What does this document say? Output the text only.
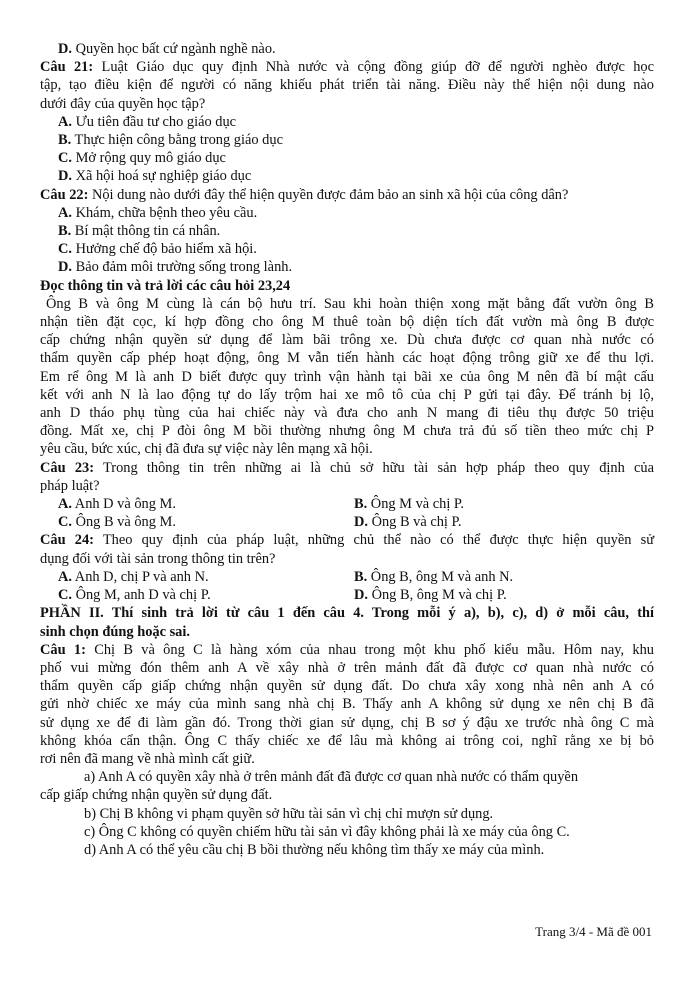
D. Quyền học bất cứ ngành nghề nào.
Câu 21: Luật Giáo dục quy định Nhà nước và cộng đồng giúp đỡ để người nghèo được học
tập, tạo điều kiện để người có năng khiếu phát triển tài năng. Điều này thể hiện nội dung nào
dưới đây của quyền học tập?
A. Ưu tiên đầu tư cho giáo dục
B. Thực hiện công bằng trong giáo dục
C. Mở rộng quy mô giáo dục
D. Xã hội hoá sự nghiệp giáo dục
Câu 22: Nội dung nào dưới đây thể hiện quyền được đảm bảo an sinh xã hội của công dân?
A. Khám, chữa bệnh theo yêu cầu.
B. Bí mật thông tin cá nhân.
C. Hưởng chế độ bảo hiểm xã hội.
D. Bảo đảm môi trường sống trong lành.
Đọc thông tin và trả lời các câu hỏi 23,24
Ông B và ông M cùng là cán bộ hưu trí. Sau khi hoàn thiện xong mặt bằng đất vườn ông B
nhận tiền đặt cọc, kí hợp đồng cho ông M thuê toàn bộ diện tích đất vườn mà ông B được
cấp chứng nhận quyền sử dụng để làm bãi trông xe. Dù chưa được cơ quan nhà nước có
thẩm quyền cấp phép hoạt động, ông M vẫn tiến hành các hoạt động trông giữ xe để thu lợi.
Em rể ông M là anh D biết được quy trình vận hành tại bãi xe của ông M nên đã bí mật cấu
kết với anh N là lao động tự do lấy trộm hai xe mô tô của chị P gửi tại đây. Để tránh bị lộ,
anh D tháo phụ tùng của hai chiếc này và đưa cho anh N mang đi tiêu thụ được 50 triệu
đồng. Mất xe, chị P đòi ông M bồi thường nhưng ông M chưa trả đủ số tiền theo mức chị P
yêu cầu, bức xúc, chị đã đưa sự việc này lên mạng xã hội.
Câu 23: Trong thông tin trên những ai là chủ sở hữu tài sản hợp pháp theo quy định của
pháp luật?
A. Anh D và ông M.	B. Ông M và chị P.
C. Ông B và ông M.	D. Ông B và chị P.
Câu 24: Theo quy định của pháp luật, những chủ thể nào có thể được thực hiện quyền sử
dụng đối với tài sản trong thông tin trên?
A. Anh D, chị P và anh N.	B. Ông B, ông M và anh N.
C. Ông M, anh D và chị P.	D. Ông B, ông M và chị P.
PHẦN II. Thí sinh trả lời từ câu 1 đến câu 4. Trong mỗi ý a), b), c), d) ở mỗi câu, thí
sinh chọn đúng hoặc sai.
Câu 1: Chị B và ông C là hàng xóm của nhau trong một khu phố kiểu mẫu. Hôm nay, khu
phố vui mừng đón thêm anh A về xây nhà ở trên mảnh đất đã được cơ quan nhà nước có
thẩm quyền cấp giấp chứng nhận quyền sử dụng đất. Do chưa xây xong nhà nên anh A có
gửi nhờ chiếc xe máy của mình sang nhà chị B. Thấy anh A không sử dụng xe nên chị B đã
sử dụng xe để đi làm gần đó. Trong thời gian sử dụng, chị B sơ ý đậu xe trước nhà ông C mà
không khóa cẩn thận. Ông C thấy chiếc xe để lâu mà không ai trông coi, nghĩ rằng xe bị bỏ
rơi nên đã mang về nhà mình cất giữ.
a) Anh A có quyền xây nhà ở trên mảnh đất đã được cơ quan nhà nước có thẩm quyền
cấp giấp chứng nhận quyền sử dụng đất.
b) Chị B không vi phạm quyền sở hữu tài sản vì chị chỉ mượn sử dụng.
c) Ông C không có quyền chiếm hữu tài sản vì đây không phải là xe máy của ông C.
d) Anh A có thể yêu cầu chị B bồi thường nếu không tìm thấy xe máy của mình.
Trang 3/4 - Mã đề 001
